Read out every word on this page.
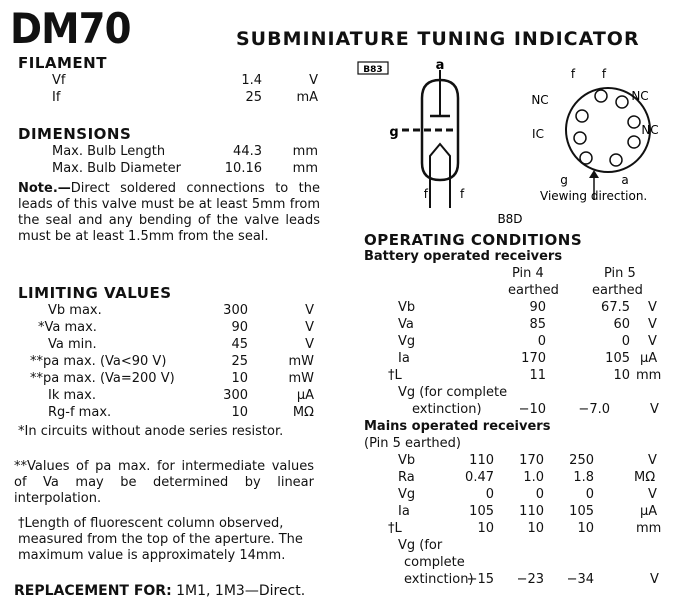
DM70	SUBMINIATURE TUNING INDICATOR
FILAMENT
Vf	1.4	V
If	25	mA
DIMENSIONS
Max. Bulb Length	44.3	mm
Max. Bulb Diameter	10.16	mm
Note.—Direct soldered connections to the leads of this valve must be at least 5mm from the seal and any bending of the valve leads must be at least 1.5mm from the seal.
LIMITING VALUES
Vb max.	300	V
*Va max.	90	V
Va min.	45	V
**pa max. (Va<90 V)	25	mW
**pa max. (Va=200 V)	10	mW
Ik max.	300	µA
Rg-f max.	10	MΩ
*In circuits without anode series resistor.
**Values of pa max. for intermediate values of Va may be determined by linear interpolation.
†Length of fluorescent column observed, measured from the top of the aperture. The maximum value is approximately 14mm.
REPLACEMENT FOR: 1M1, 1M3—Direct.
B83	a
g
f	f
f f
NC	NC
NC
IC
g	a
Viewing direction.
B8D
OPERATING CONDITIONS
Battery operated receivers
Pin 4	Pin 5
earthed	earthed
Vb	90	67.5 V
Va	85	60 V
Vg	0	0 V
Ia	170	105 µA
†L	11	10 mm
Vg (for complete
extinction)	−10	−7.0	V
Mains operated receivers
(Pin 5 earthed)
Vb	110	170	250	V
Ra	0.47	1.0	1.8	MΩ
Vg	0	0	0	V
Ia	105	110	105	µA
†L	10	10	10	mm
Vg (for
complete
extinction)
−15	−23	−34	V
